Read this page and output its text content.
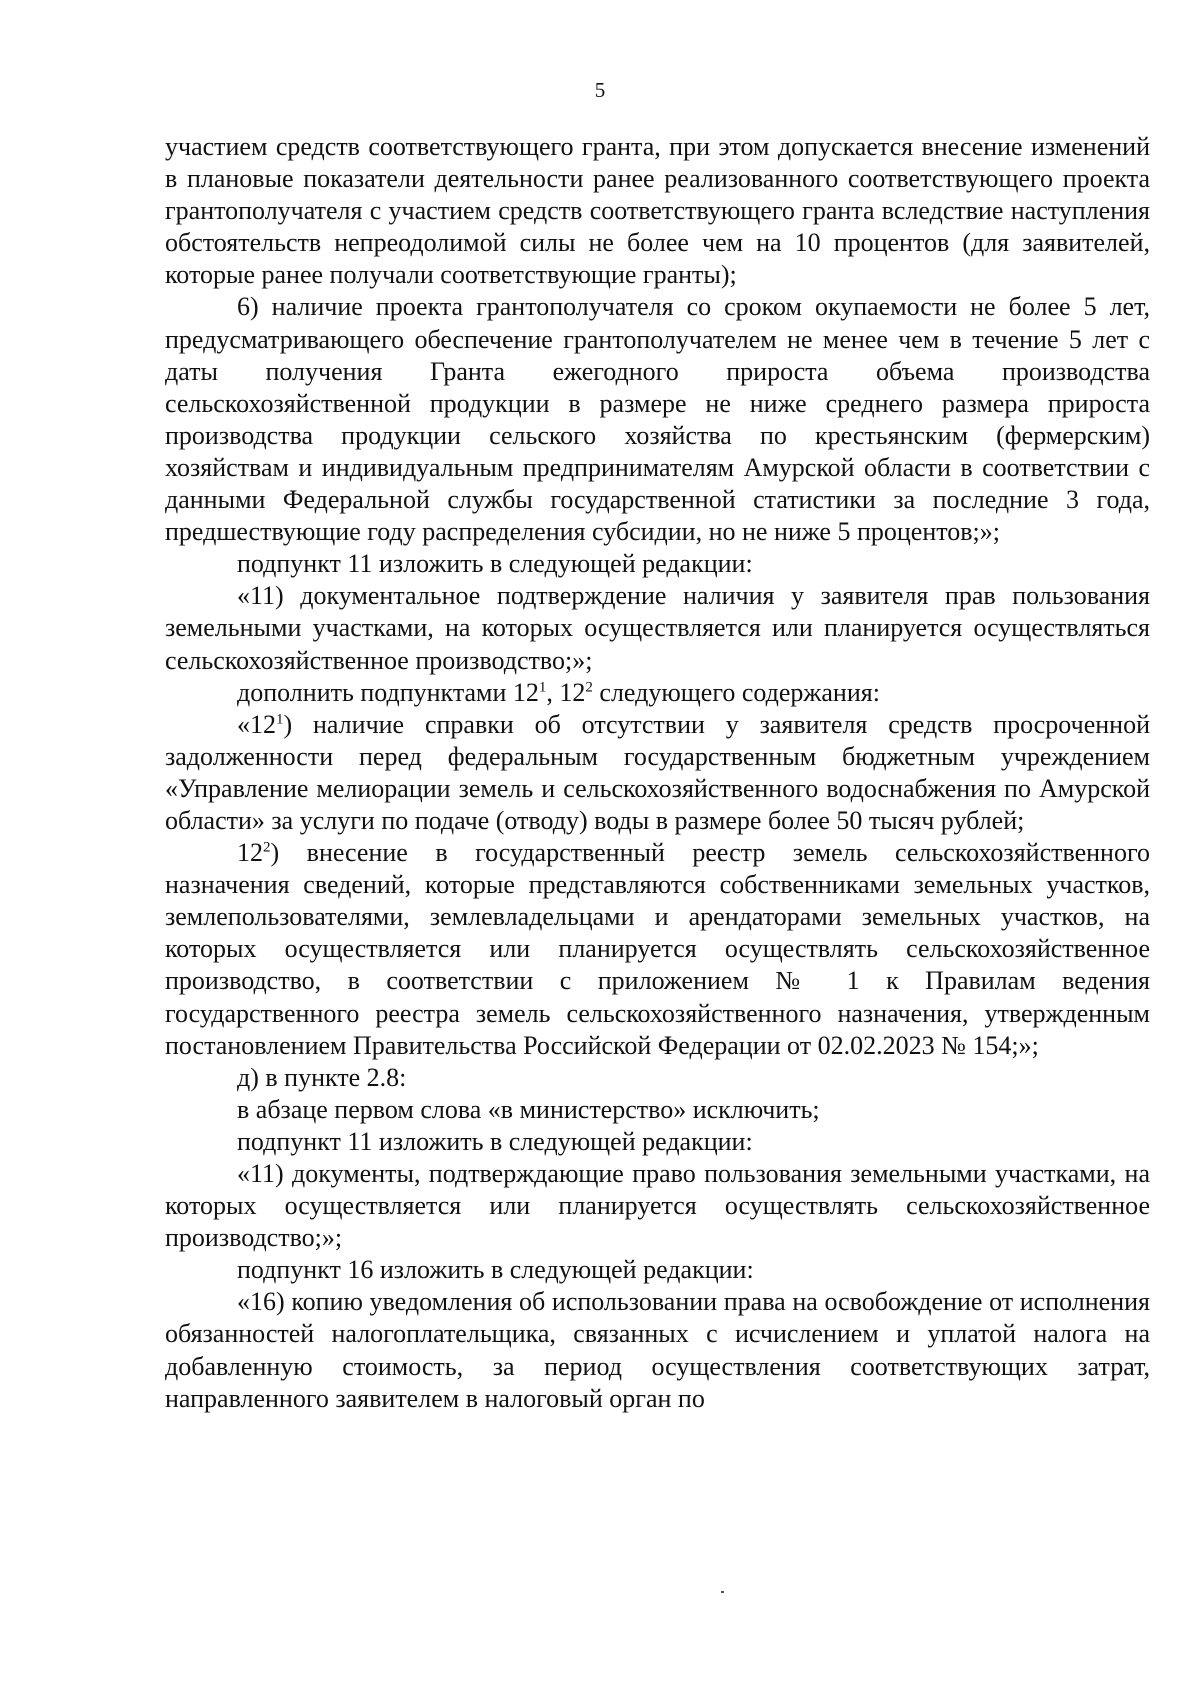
5

участием средств соответствующего гранта, при этом допускается внесение изменений в плановые показатели деятельности ранее реализованного соответствующего проекта грантополучателя с участием средств соответствующего гранта вследствие наступления обстоятельств непреодолимой силы не более чем на 10 процентов (для заявителей, которые ранее получали соответствующие гранты);

6) наличие проекта грантополучателя со сроком окупаемости не более 5 лет, предусматривающего обеспечение грантополучателем не менее чем в течение 5 лет с даты получения Гранта ежегодного прироста объема производства сельскохозяйственной продукции в размере не ниже среднего размера прироста производства продукции сельского хозяйства по крестьянским (фермерским) хозяйствам и индивидуальным предпринимателям Амурской области в соответствии с данными Федеральной службы государственной статистики за последние 3 года, предшествующие году распределения субсидии, но не ниже 5 процентов;»;

подпункт 11 изложить в следующей редакции:

«11) документальное подтверждение наличия у заявителя прав пользования земельными участками, на которых осуществляется или планируется осуществляться сельскохозяйственное производство;»;

дополнить подпунктами $12^1$, $12^2$ следующего содержания:

«$12^1$) наличие справки об отсутствии у заявителя средств просроченной задолженности перед федеральным государственным бюджетным учреждением «Управление мелиорации земель и сельскохозяйственного водоснабжения по Амурской области» за услуги по подаче (отводу) воды в размере более 50 тысяч рублей;

$12^2$) внесение в государственный реестр земель сельскохозяйственного назначения сведений, которые представляются собственниками земельных участков, землепользователями, землевладельцами и арендаторами земельных участков, на которых осуществляется или планируется осуществлять сельскохозяйственное производство, в соответствии с приложением № 1 к Правилам ведения государственного реестра земель сельскохозяйственного назначения, утвержденным постановлением Правительства Российской Федерации от 02.02.2023 № 154;»;

д) в пункте 2.8:

в абзаце первом слова «в министерство» исключить;

подпункт 11 изложить в следующей редакции:

«11) документы, подтверждающие право пользования земельными участками, на которых осуществляется или планируется осуществлять сельскохозяйственное производство;»;

подпункт 16 изложить в следующей редакции:

«16) копию уведомления об использовании права на освобождение от исполнения обязанностей налогоплательщика, связанных с исчислением и уплатой налога на добавленную стоимость, за период осуществления соответствующих затрат, направленного заявителем в налоговый орган по
